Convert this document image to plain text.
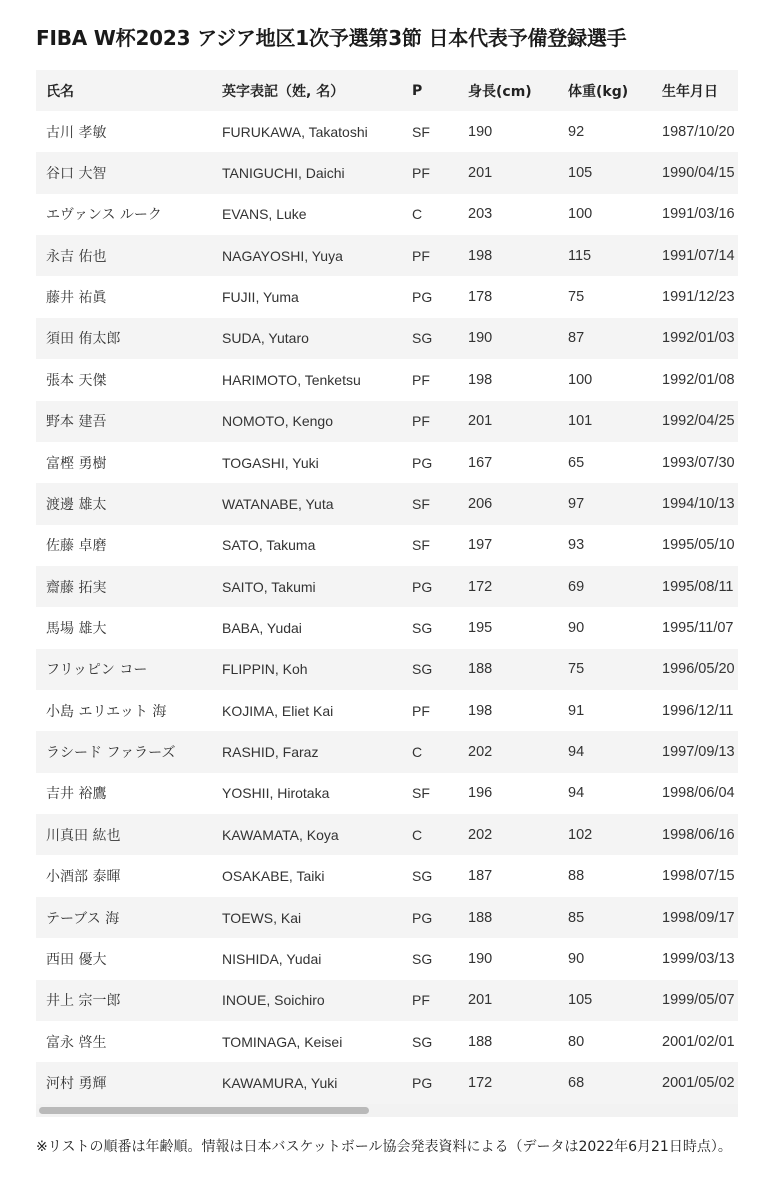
FIBA W杯2023 アジア地区1次予選第3節 日本代表予備登録選手
氏名	英字表記（姓, 名）	P	身長(cm)	体重(kg)	生年月日
古川 孝敏	FURUKAWA, Takatoshi	SF	190	92	1987/10/20
谷口 大智	TANIGUCHI, Daichi	PF	201	105	1990/04/15
エヴァンス ルーク	EVANS, Luke	C	203	100	1991/03/16
永吉 佑也	NAGAYOSHI, Yuya	PF	198	115	1991/07/14
藤井 祐眞	FUJII, Yuma	PG	178	75	1991/12/23
須田 侑太郎	SUDA, Yutaro	SG	190	87	1992/01/03
張本 天傑	HARIMOTO, Tenketsu	PF	198	100	1992/01/08
野本 建吾	NOMOTO, Kengo	PF	201	101	1992/04/25
富樫 勇樹	TOGASHI, Yuki	PG	167	65	1993/07/30
渡邊 雄太	WATANABE, Yuta	SF	206	97	1994/10/13
佐藤 卓磨	SATO, Takuma	SF	197	93	1995/05/10
齋藤 拓実	SAITO, Takumi	PG	172	69	1995/08/11
馬場 雄大	BABA, Yudai	SG	195	90	1995/11/07
フリッピン コー	FLIPPIN, Koh	SG	188	75	1996/05/20
小島 エリエット 海	KOJIMA, Eliet Kai	PF	198	91	1996/12/11
ラシード ファラーズ	RASHID, Faraz	C	202	94	1997/09/13
吉井 裕鷹	YOSHII, Hirotaka	SF	196	94	1998/06/04
川真田 紘也	KAWAMATA, Koya	C	202	102	1998/06/16
小酒部 泰暉	OSAKABE, Taiki	SG	187	88	1998/07/15
テーブス 海	TOEWS, Kai	PG	188	85	1998/09/17
西田 優大	NISHIDA, Yudai	SG	190	90	1999/03/13
井上 宗一郎	INOUE, Soichiro	PF	201	105	1999/05/07
富永 啓生	TOMINAGA, Keisei	SG	188	80	2001/02/01
河村 勇輝	KAWAMURA, Yuki	PG	172	68	2001/05/02

※リストの順番は年齢順。情報は日本バスケットボール協会発表資料による（データは2022年6月21日時点）。
